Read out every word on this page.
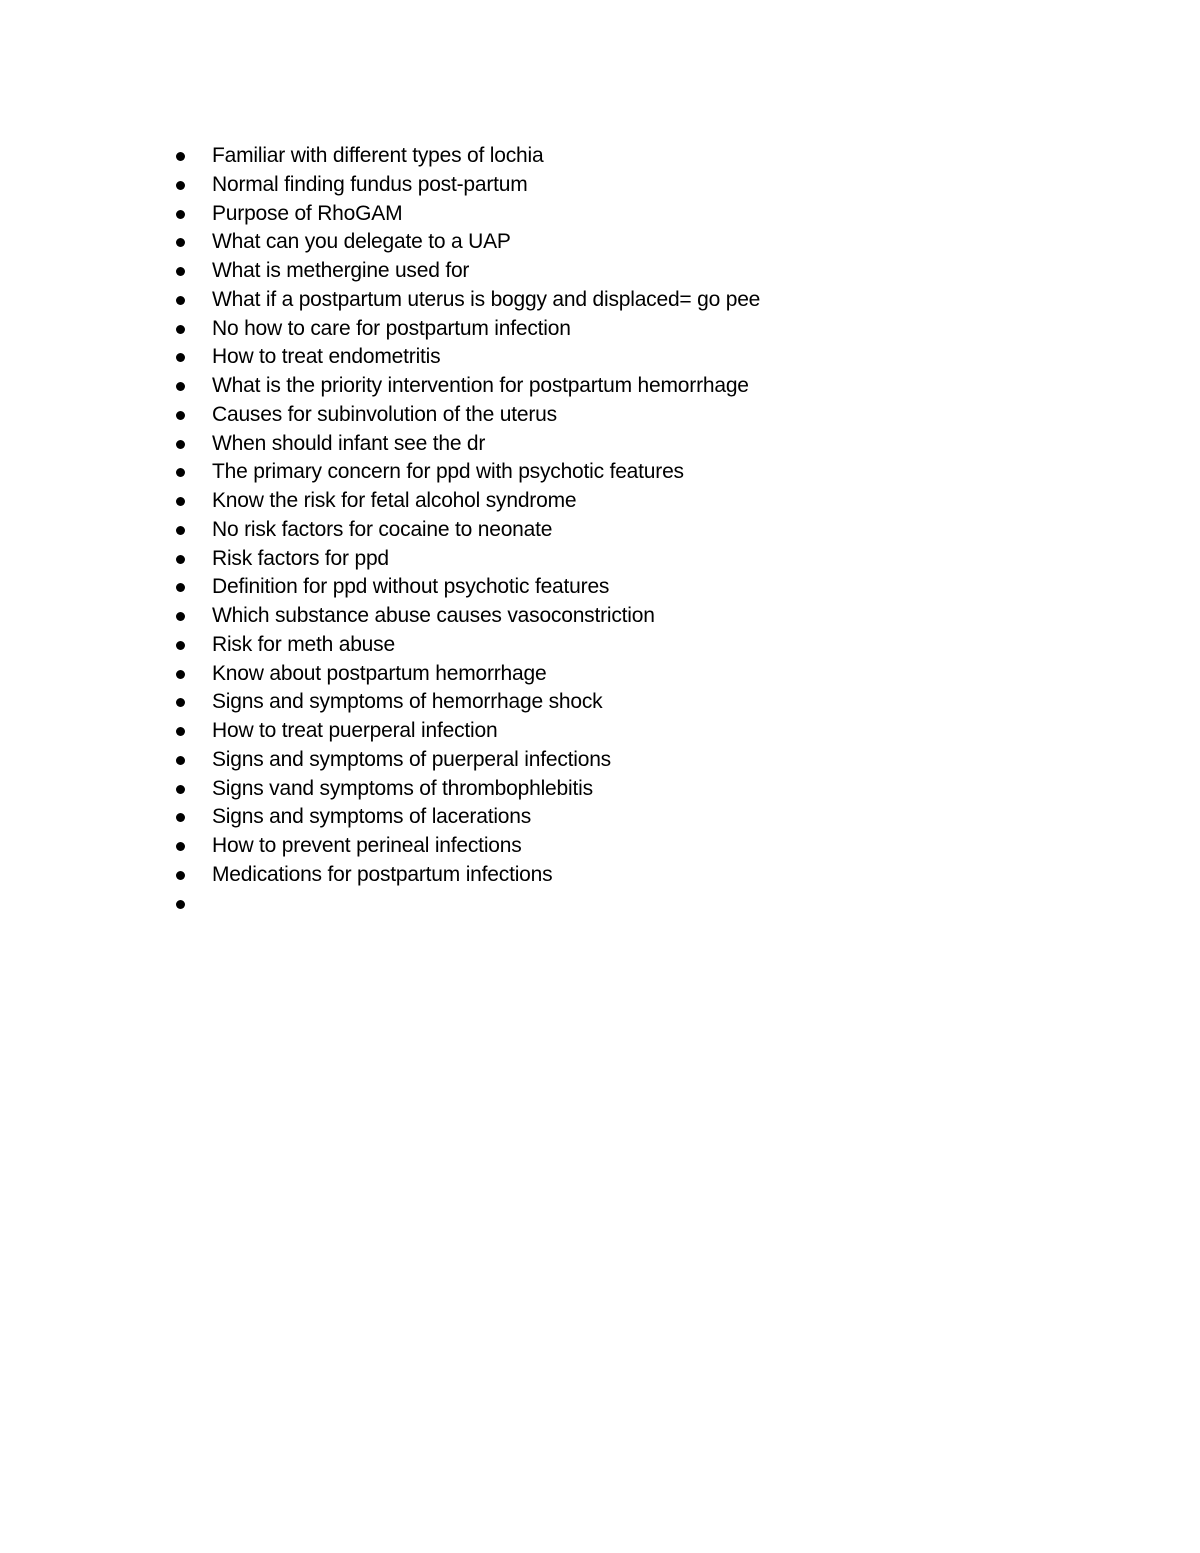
Familiar with different types of lochia
Normal finding fundus post-partum
Purpose of RhoGAM
What can you delegate to a UAP
What is methergine used for
What if a postpartum uterus is boggy and displaced= go pee
No how to care for postpartum infection
How to treat endometritis
What is the priority intervention for postpartum hemorrhage
Causes for subinvolution of the uterus
When should infant see the dr
The primary concern for ppd with psychotic features
Know the risk for fetal alcohol syndrome
No risk factors for cocaine to neonate
Risk factors for ppd
Definition for ppd without psychotic features
Which substance abuse causes vasoconstriction
Risk for meth abuse
Know about postpartum hemorrhage
Signs and symptoms of hemorrhage shock
How to treat puerperal infection
Signs and symptoms of puerperal infections
Signs vand symptoms of thrombophlebitis
Signs and symptoms of lacerations
How to prevent perineal infections
Medications for postpartum infections
